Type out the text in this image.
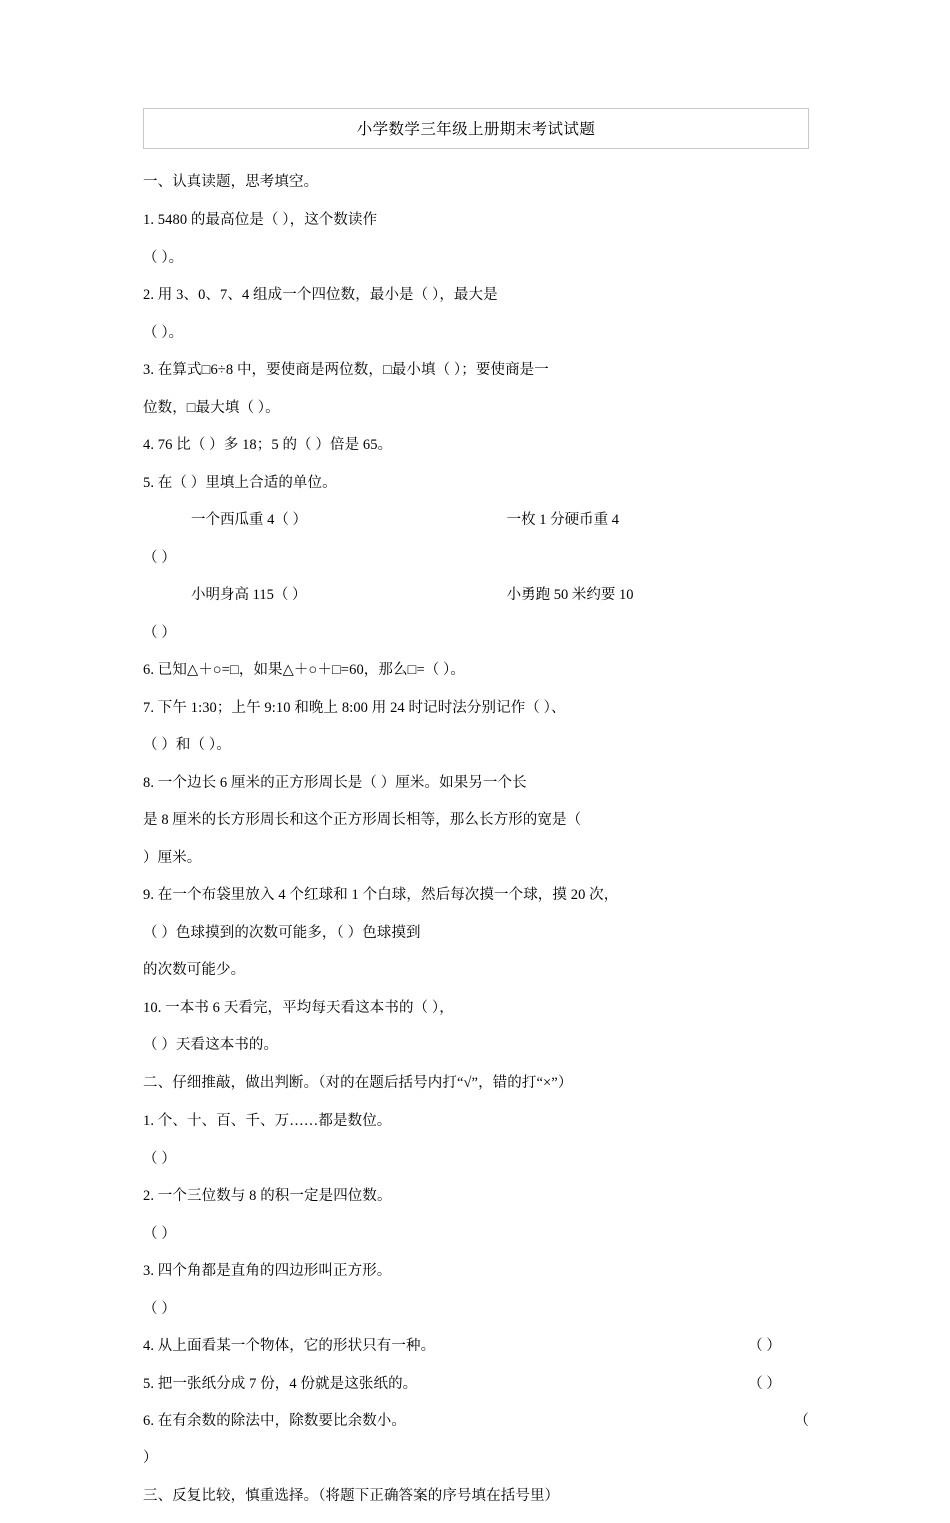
小学数学三年级上册期末考试试题

一、认真读题，思考填空。

1. 5480 的最高位是（ ），这个数读作

（ ）。

2. 用 3、0、7、4 组成一个四位数，最小是（ ），最大是

（ ）。

3. 在算式□6÷8 中，要使商是两位数，□最小填（ ）；要使商是一

位数，□最大填（ ）。

4. 76 比（ ）多 18；5 的（ ）倍是 65。

5. 在（ ）里填上合适的单位。

一个西瓜重 4（ ）	一枚 1 分硬币重 4

（ ）

小明身高 115（ ）	小勇跑 50 米约要 10

（ ）

6. 已知△＋○=□，如果△＋○＋□=60，那么□=（ ）。

7. 下午 1:30；上午 9:10 和晚上 8:00 用 24 时记时法分别记作（ ）、

（ ）和（ ）。

8. 一个边长 6 厘米的正方形周长是（ ）厘米。如果另一个长

是 8 厘米的长方形周长和这个正方形周长相等，那么长方形的宽是（

）厘米。

9. 在一个布袋里放入 4 个红球和 1 个白球，然后每次摸一个球，摸 20 次，

（ ）色球摸到的次数可能多，（ ）色球摸到

的次数可能少。

10. 一本书 6 天看完，平均每天看这本书的（ ），

（ ）天看这本书的。

二、仔细推敲，做出判断。（对的在题后括号内打“√”，错的打“×”）

1. 个、十、百、千、万……都是数位。

（ ）

2. 一个三位数与 8 的积一定是四位数。

（ ）

3. 四个角都是直角的四边形叫正方形。

（ ）

4. 从上面看某一个物体，它的形状只有一种。	（ ）

5. 把一张纸分成 7 份，4 份就是这张纸的。	（ ）

6. 在有余数的除法中，除数要比余数小。	（

）

三、反复比较，慎重选择。（将题下正确答案的序号填在括号里）
